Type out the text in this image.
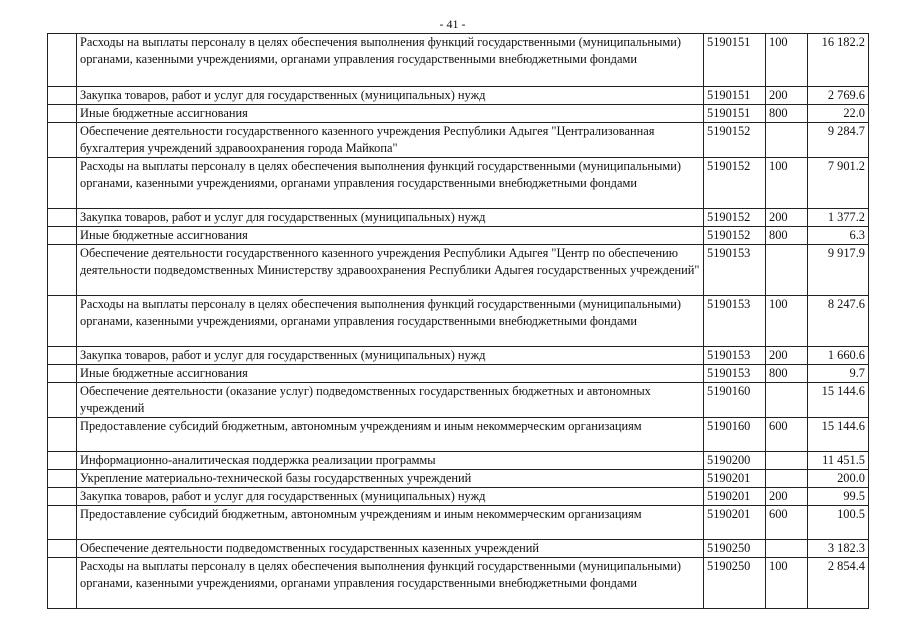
- 41 -
	Расходы на выплаты персоналу в целях обеспечения выполнения функций государственными (муниципальными) органами, казенными учреждениями, органами управления государственными внебюджетными фондами	5190151	100	16 182.2
	Закупка товаров, работ и услуг для государственных (муниципальных) нужд	5190151	200	2 769.6
	Иные бюджетные ассигнования	5190151	800	22.0
	Обеспечение деятельности государственного казенного учреждения Республики Адыгея "Централизованная бухгалтерия учреждений здравоохранения города Майкопа"	5190152		9 284.7
	Расходы на выплаты персоналу в целях обеспечения выполнения функций государственными (муниципальными) органами, казенными учреждениями, органами управления государственными внебюджетными фондами	5190152	100	7 901.2
	Закупка товаров, работ и услуг для государственных (муниципальных) нужд	5190152	200	1 377.2
	Иные бюджетные ассигнования	5190152	800	6.3
	Обеспечение деятельности государственного казенного учреждения Республики Адыгея "Центр по обеспечению деятельности подведомственных Министерству здравоохранения Республики Адыгея государственных учреждений"	5190153		9 917.9
	Расходы на выплаты персоналу в целях обеспечения выполнения функций государственными (муниципальными) органами, казенными учреждениями, органами управления государственными внебюджетными фондами	5190153	100	8 247.6
	Закупка товаров, работ и услуг для государственных (муниципальных) нужд	5190153	200	1 660.6
	Иные бюджетные ассигнования	5190153	800	9.7
	Обеспечение деятельности (оказание услуг) подведомственных государственных бюджетных и автономных учреждений	5190160		15 144.6
	Предоставление субсидий бюджетным, автономным учреждениям и иным некоммерческим организациям	5190160	600	15 144.6
	Информационно-аналитическая поддержка реализации программы	5190200		11 451.5
	Укрепление материально-технической базы государственных учреждений	5190201		200.0
	Закупка товаров, работ и услуг для государственных (муниципальных) нужд	5190201	200	99.5
	Предоставление субсидий бюджетным, автономным учреждениям и иным некоммерческим организациям	5190201	600	100.5
	Обеспечение деятельности подведомственных государственных казенных учреждений	5190250		3 182.3
	Расходы на выплаты персоналу в целях обеспечения выполнения функций государственными (муниципальными) органами, казенными учреждениями, органами управления государственными внебюджетными фондами	5190250	100	2 854.4
